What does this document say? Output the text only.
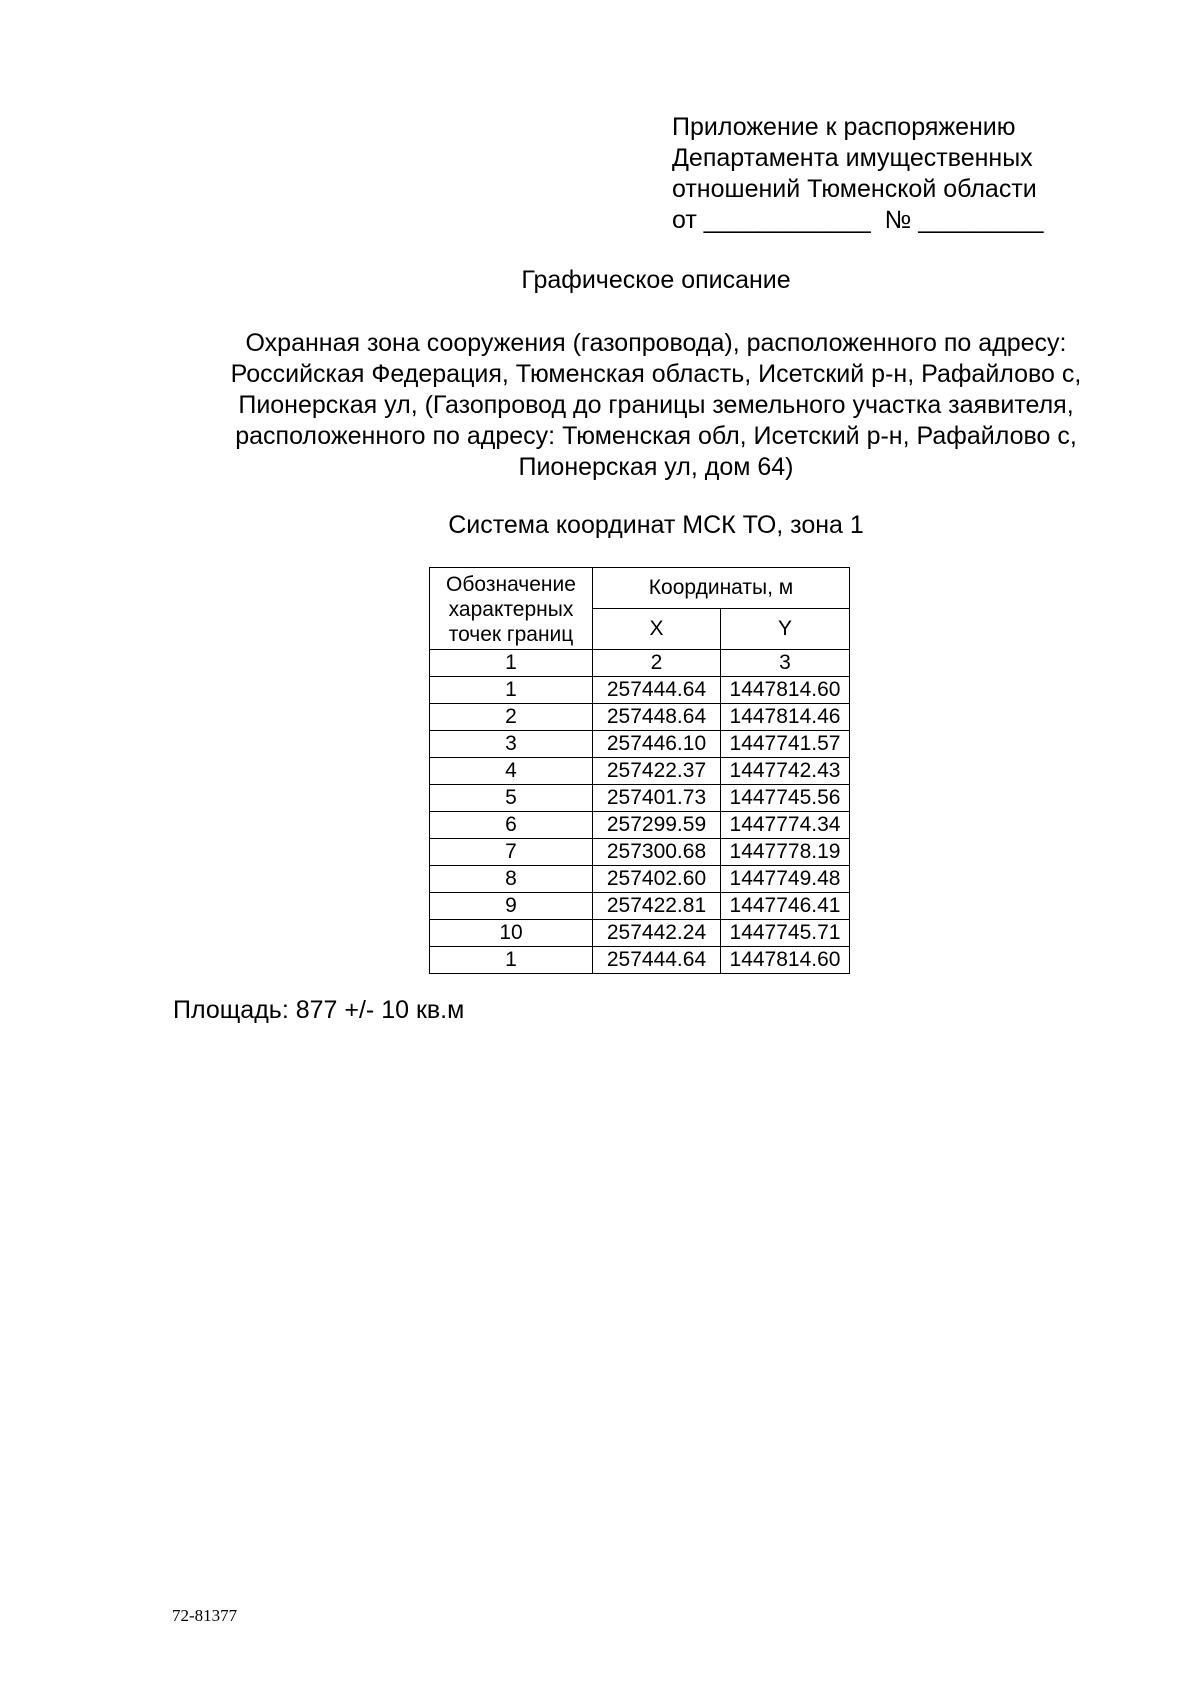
Приложение к распоряжению
Департамента имущественных
отношений Тюменской области
от ____________  № _________
Графическое описание
Охранная зона сооружения (газопровода), расположенного по адресу:
Российская Федерация, Тюменская область, Исетский р-н, Рафайлово с,
Пионерская ул, (Газопровод до границы земельного участка заявителя,
расположенного по адресу: Тюменская обл, Исетский р-н, Рафайлово с,
Пионерская ул, дом 64)
Система координат МСК ТО, зона 1
Обозначение
характерных
точек границ	Координаты, м	
	X	Y
1	2	3
1	257444.64	1447814.60
2	257448.64	1447814.46
3	257446.10	1447741.57
4	257422.37	1447742.43
5	257401.73	1447745.56
6	257299.59	1447774.34
7	257300.68	1447778.19
8	257402.60	1447749.48
9	257422.81	1447746.41
10	257442.24	1447745.71
1	257444.64	1447814.60
Площадь: 877 +/- 10 кв.м
72-81377
